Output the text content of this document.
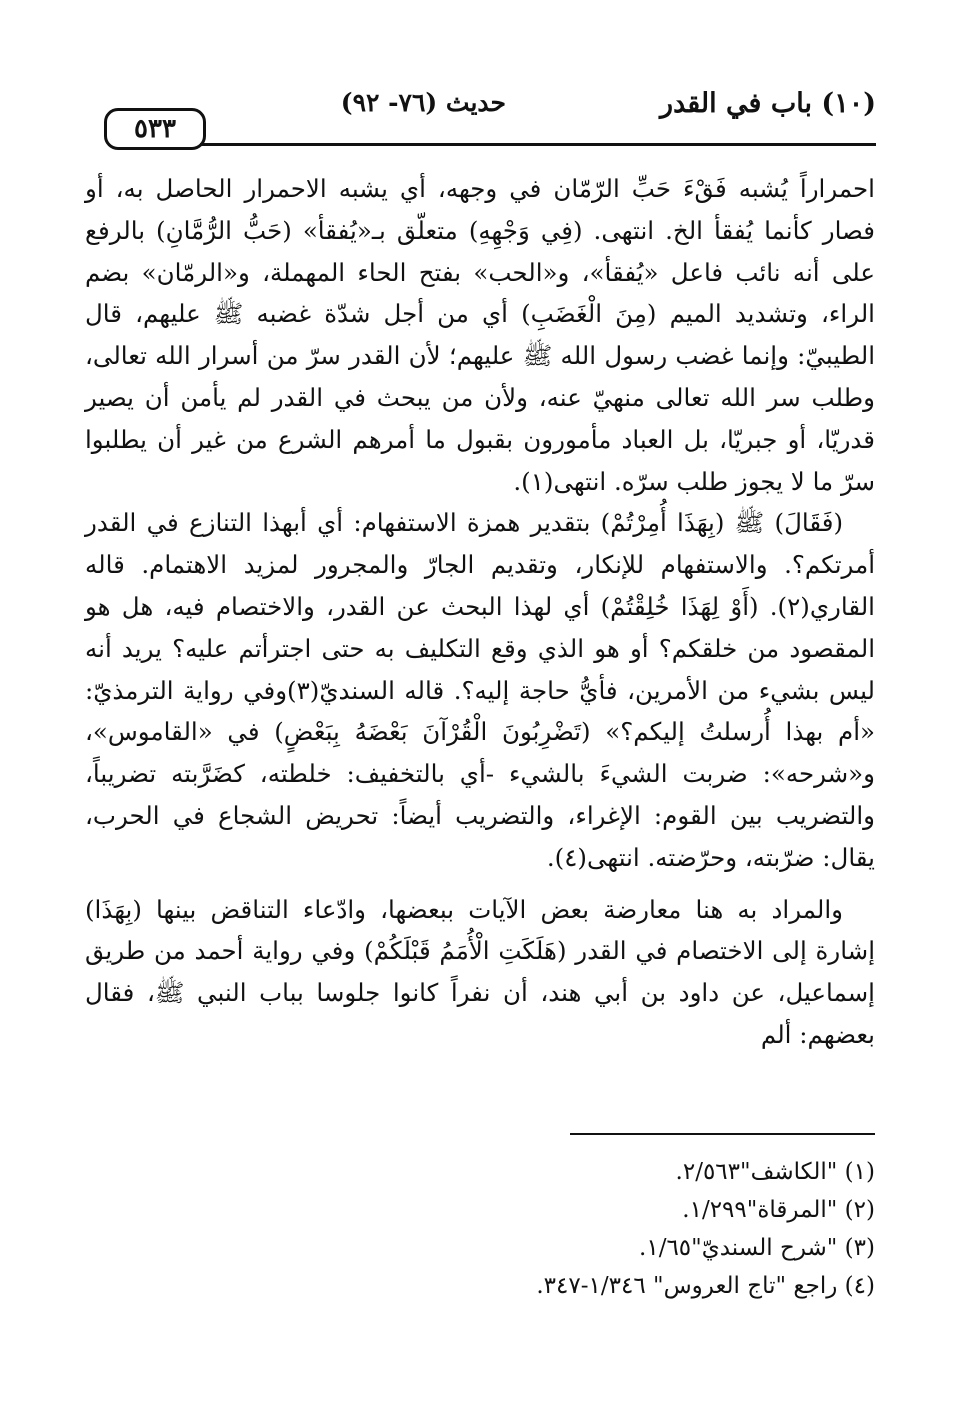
(١٠) باب في القدر
حديث (٧٦- ٩٢)
٥٣٣

احمراراً يُشبه فَقْءَ حَبِّ الرّمّان في وجهه، أي يشبه الاحمرار الحاصل به، أو فصار كأنما يُفقأ الخ. انتهى. (فِي وَجْهِهِ) متعلّق بـ«يُفقأ» (حَبُّ الرُّمَّانِ) بالرفع على أنه نائب فاعل «يُفقأ»، و«الحب» بفتح الحاء المهملة، و«الرمّان» بضم الراء، وتشديد الميم (مِنَ الْغَضَبِ) أي من أجل شدّة غضبه ﷺ عليهم، قال الطيبيّ: وإنما غضب رسول الله ﷺ عليهم؛ لأن القدر سرّ من أسرار الله تعالى، وطلب سر الله تعالى منهيّ عنه، ولأن من يبحث في القدر لم يأمن أن يصير قدريّا، أو جبريّا، بل العباد مأمورون بقبول ما أمرهم الشرع من غير أن يطلبوا سرّ ما لا يجوز طلب سرّه. انتهى(١).

(فَقَالَ) ﷺ (بِهَذَا أُمِرْتُمْ) بتقدير همزة الاستفهام: أي أبهذا التنازع في القدر أمرتكم؟. والاستفهام للإنكار، وتقديم الجارّ والمجرور لمزيد الاهتمام. قاله القاري(٢). (أَوْ لِهَذَا خُلِقْتُمْ) أي لهذا البحث عن القدر، والاختصام فيه، هل هو المقصود من خلقكم؟ أو هو الذي وقع التكليف به حتى اجترأتم عليه؟ يريد أنه ليس بشيء من الأمرين، فأيُّ حاجة إليه؟. قاله السنديّ(٣)وفي رواية الترمذيّ: «أم بهذا أُرسلتُ إليكم؟» (تَضْرِبُونَ الْقُرْآنَ بَعْضَهُ بِبَعْضٍ) في «القاموس»، و«شرحه»: ضربت الشيءَ بالشيء -أي بالتخفيف: خلطته، كضَرَّبته تضريباً، والتضريب بين القوم: الإغراء، والتضريب أيضاً: تحريض الشجاع في الحرب، يقال: ضرّبته، وحرّضته. انتهى(٤).

والمراد به هنا معارضة بعض الآيات ببعضها، وادّعاء التناقض بينها (بِهَذَا) إشارة إلى الاختصام في القدر (هَلَكَتِ الْأُمَمُ قَبْلَكُمْ) وفي رواية أحمد من طريق إسماعيل، عن داود بن أبي هند، أن نفراً كانوا جلوسا بباب النبي ﷺ، فقال بعضهم: ألم

(١) "الكاشف"٢/٥٦٣.

(٢) "المرقاة"١/٢٩٩.

(٣) "شرح السنديّ"١/٦٥.

(٤) راجع "تاج العروس" ١/٣٤٦-٣٤٧.
